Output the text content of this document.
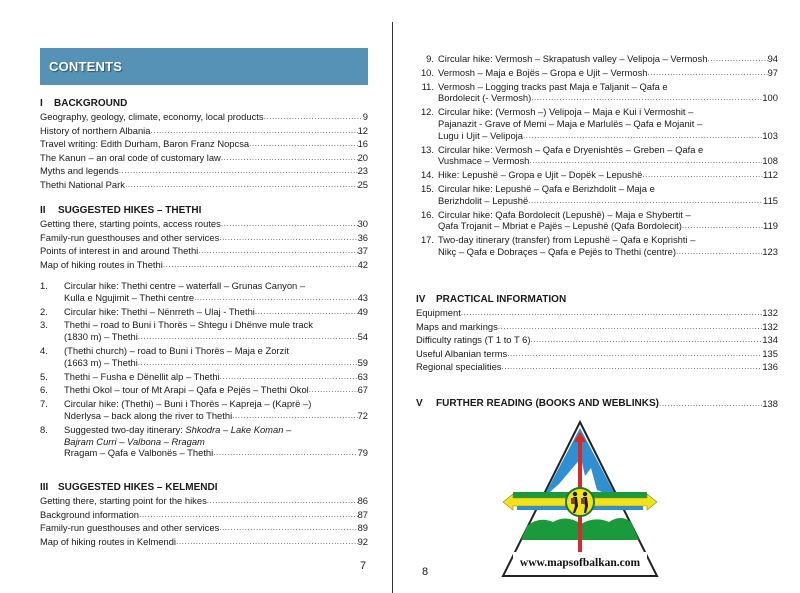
CONTENTS
I BACKGROUND
Geography, geology, climate, economy, local products .....	9
History of northern Albania .....	12
Travel writing: Edith Durham, Baron Franz Nopcsa .....	16
The Kanun – an oral code of customary law .....	20
Myths and legends .....	23
Thethi National Park .....	25
II SUGGESTED HIKES – THETHI
Getting there, starting points, access routes .....	30
Family-run guesthouses and other services .....	36
Points of interest in and around Thethi .....	37
Map of hiking routes in Thethi .....	42
1.	Circular hike: Thethi centre – waterfall – Grunas Canyon –
Kulla e Ngujimit – Thethi centre .....	43
2.	Circular hike: Thethi – Nënrreth – Ulaj - Thethi .....	49
3.	Thethi – road to Buni i Thorës – Shtegu i Dhënve mule track
(1830 m) – Thethi .....	54
4.	(Thethi church) – road to Buni i Thorës – Maja e Zorzit
(1663 m) – Thethi .....	59
5.	Thethi – Fusha e Dënellit alp – Thethi .....	63
6.	Thethi Okol – tour of Mt Arapi – Qafa e Pejës – Thethi Okol .....	67
7.	Circular hike: (Thethi) – Buni i Thorës – Kapreja – (Kaprë –)
Nderlysa – back along the river to Thethi .....	72
8.	Suggested two-day itinerary: Shkodra – Lake Koman –
Bajram Curri – Valbona – Rragam
Rragam – Qafa e Valbonës – Thethi .....	79
III SUGGESTED HIKES – KELMENDI
Getting there, starting point for the hikes .....	86
Background information .....	87
Family-run guesthouses and other services .....	89
Map of hiking routes in Kelmendi .....	92
7
9. Circular hike: Vermosh – Skrapatush valley – Velipoja – Vermosh .....	94
10. Vermosh – Maja e Bojës – Gropa e Ujit – Vermosh .....	97
11. Vermosh – Logging tracks past Maja e Taljanit – Qafa e
Bordolecit (- Vermosh) .....	100
12. Circular hike: (Vermosh –) Velipoja – Maja e Kui i Vermoshit –
Pajanazit - Grave of Memi – Maja e Marlulës – Qafa e Mojanit –
Lugu i Ujit – Velipoja .....	103
13. Circular hike: Vermosh – Qafa e Dryenishtës – Greben – Qafa e
Vushmace – Vermosh .....	108
14. Hike: Lepushë – Gropa e Ujit – Dopëk – Lepushë .....	112
15. Circular hike: Lepushë – Qafa e Berizhdolit – Maja e
Berizhdolit – Lepushë .....	115
16. Circular hike: Qafa Bordolecit (Lepushë) – Maja e Shybertit –
Qafa Trojanit – Mbriat e Pajës – Lepushë (Qafa Bordolecit) .....	119
17. Two-day itinerary (transfer) from Lepushë – Qafa e Koprishti –
Nikç – Qafa e Dobraçes – Qafa e Pejës to Thethi (centre) .....	123
IV PRACTICAL INFORMATION
Equipment .....	132
Maps and markings .....	132
Difficulty ratings (T 1 to T 6) .....	134
Useful Albanian terms .....	135
Regional specialities .....	136
V FURTHER READING (BOOKS AND WEBLINKS) .....	138
8
www.mapsofbalkan.com
